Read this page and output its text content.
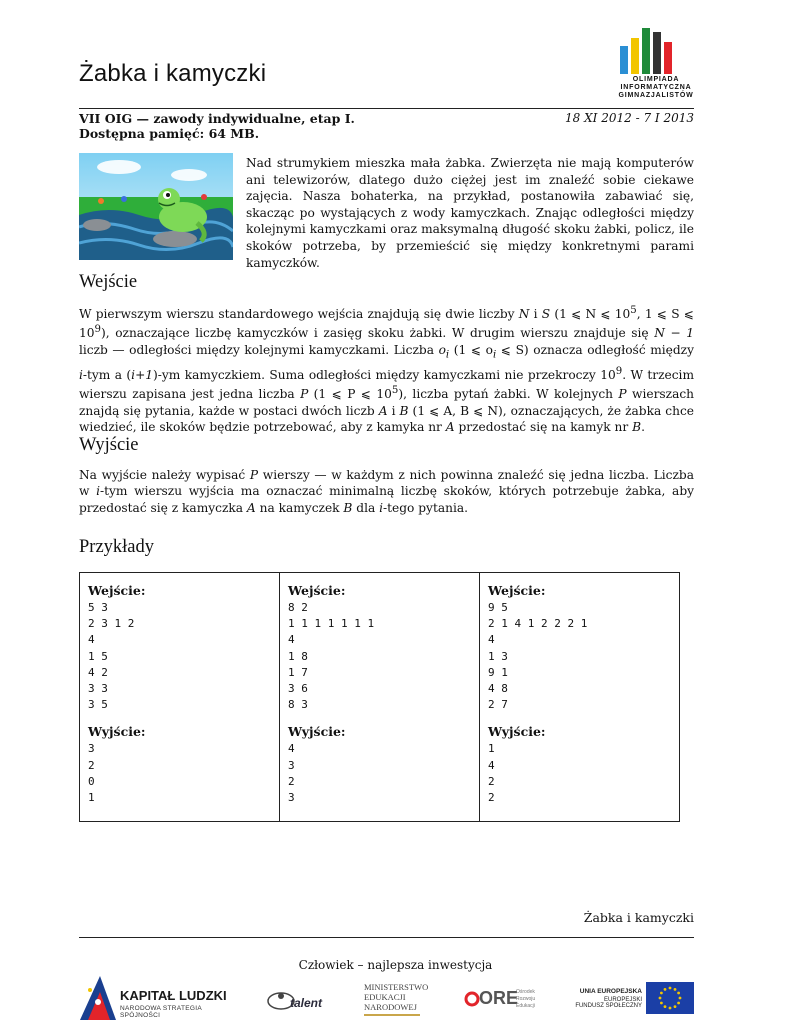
Żabka i kamyczki	OLIMPIADA
INFORMATYCZNA
GIMNAZJALISTÓW
VII OIG — zawody indywidualne, etap I.
Dostępna pamięć: 64 MB.
18 XI 2012 - 7 I 2013
Nad strumykiem mieszka mała żabka. Zwierzęta nie mają komputerów ani telewizorów, dlatego dużo ciężej jest im znaleźć sobie ciekawe zajęcia. Nasza bohaterka, na przykład, postanowiła zabawiać się, skacząc po wystających z wody kamyczkach. Znając odległości między kolejnymi kamyczkami oraz maksymalną długość skoku żabki, policz, ile skoków potrzeba, by przemieścić się między konkretnymi parami kamyczków.
Wejście
W pierwszym wierszu standardowego wejścia znajdują się dwie liczby N i S (1 ⩽ N ⩽ $10^5$, 1 ⩽ S ⩽ $10^9$), oznaczające liczbę kamyczków i zasięg skoku żabki. W drugim wierszu znajduje się N − 1 liczb — odległości między kolejnymi kamyczkami. Liczba $o_i$ (1 ⩽ $o_i$ ⩽ S) oznacza odległość między i-tym a (i+1)-ym kamyczkiem. Suma odległości między kamyczkami nie przekroczy $10^9$. W trzecim wierszu zapisana jest jedna liczba P (1 ⩽ P ⩽ $10^5$), liczba pytań żabki. W kolejnych P wierszach znajdą się pytania, każde w postaci dwóch liczb A i B (1 ⩽ A, B ⩽ N), oznaczających, że żabka chce wiedzieć, ile skoków będzie potrzebować, aby z kamyka nr A przedostać się na kamyk nr B.
Wyjście
Na wyjście należy wypisać P wierszy — w każdym z nich powinna znaleźć się jedna liczba. Liczba w i-tym wierszu wyjścia ma oznaczać minimalną liczbę skoków, których potrzebuje żabka, aby przedostać się z kamyczka A na kamyczek B dla i-tego pytania.
Przykłady
Wejście:
5 3
2 3 1 2
4
1 5
4 2
3 3
3 5
Wyjście:
3
2
0
1
Wejście:
8 2
1 1 1 1 1 1 1
4
1 8
1 7
3 6
8 3
Wyjście:
4
3
2
3
Wejście:
9 5
2 1 4 1 2 2 2 1
4
1 3
9 1
4 8
2 7
Wyjście:
1
4
2
2
Żabka i kamyczki
Człowiek – najlepsza inwestycja
KAPITAŁ LUDZKI
NARODOWA STRATEGIA SPÓJNOŚCI
talent
MINISTERSTWO
EDUKACJI
NARODOWEJ	ORE
Ośrodek
Rozwoju
Edukacji
UNIA EUROPEJSKA
EUROPEJSKI
FUNDUSZ SPOŁECZNY
